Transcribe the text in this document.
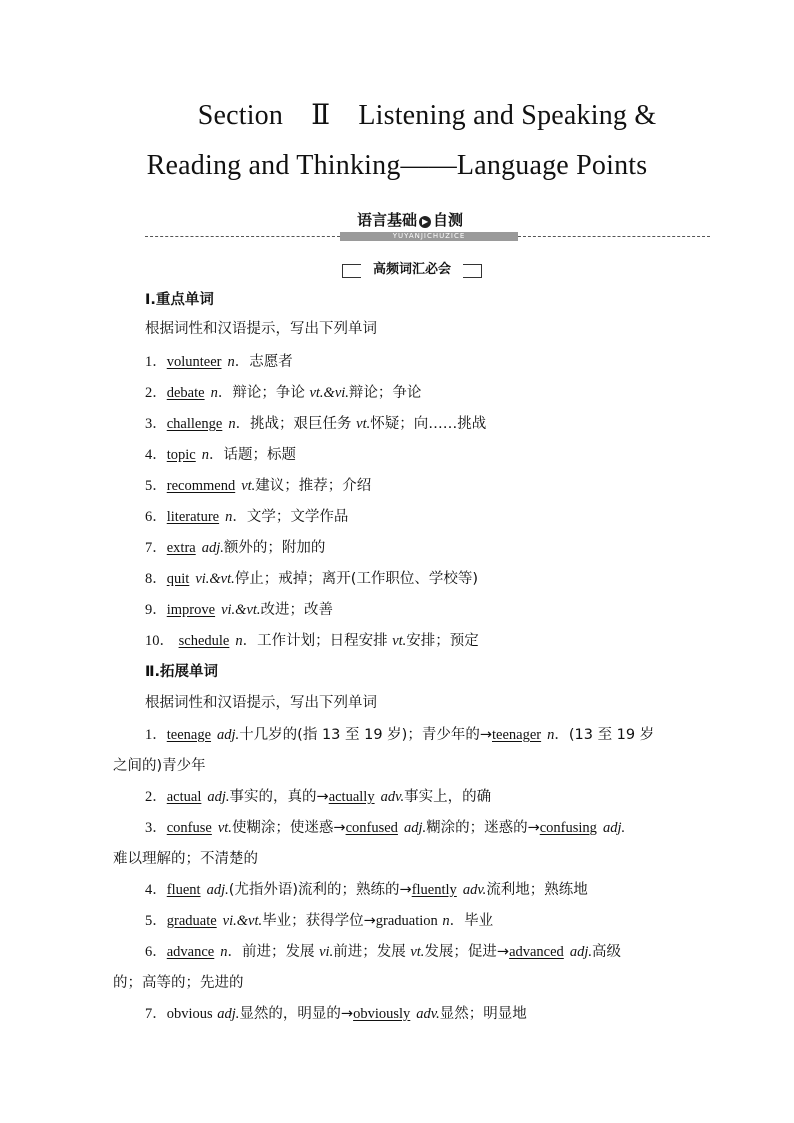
Section Ⅱ Listening and Speaking &
Reading and Thinking——Language Points
语言基础 ▶ 自测
YUYANJICHUZICE
高频词汇必会
Ⅰ.重点单词
根据词性和汉语提示，写出下列单词
1．volunteer n．志愿者
2．debate n．辩论；争论 vt.&vi.辩论；争论
3．challenge n．挑战；艰巨任务 vt.怀疑；向……挑战
4．topic n．话题；标题
5．recommend vt.建议；推荐；介绍
6．literature n．文学；文学作品
7．extra adj.额外的；附加的
8．quit vi.&vt.停止；戒掉；离开(工作职位、学校等)
9．improve vi.&vt.改进；改善
10． schedule n．工作计划；日程安排 vt.安排；预定
Ⅱ.拓展单词
根据词性和汉语提示，写出下列单词
1．teenage adj.十几岁的(指 13 至 19 岁)；青少年的→teenager n．(13 至 19 岁
之间的)青少年
2．actual adj.事实的，真的→actually adv.事实上，的确
3．confuse vt.使糊涂；使迷惑→confused adj.糊涂的；迷惑的→confusing adj.
难以理解的；不清楚的
4．fluent adj.(尤指外语)流利的；熟练的→fluently adv.流利地；熟练地
5．graduate vi.&vt.毕业；获得学位→graduation n．毕业
6．advance n．前进；发展 vi.前进；发展 vt.发展；促进→advanced adj.高级
的；高等的；先进的
7．obvious adj.显然的，明显的→obviously adv.显然；明显地
